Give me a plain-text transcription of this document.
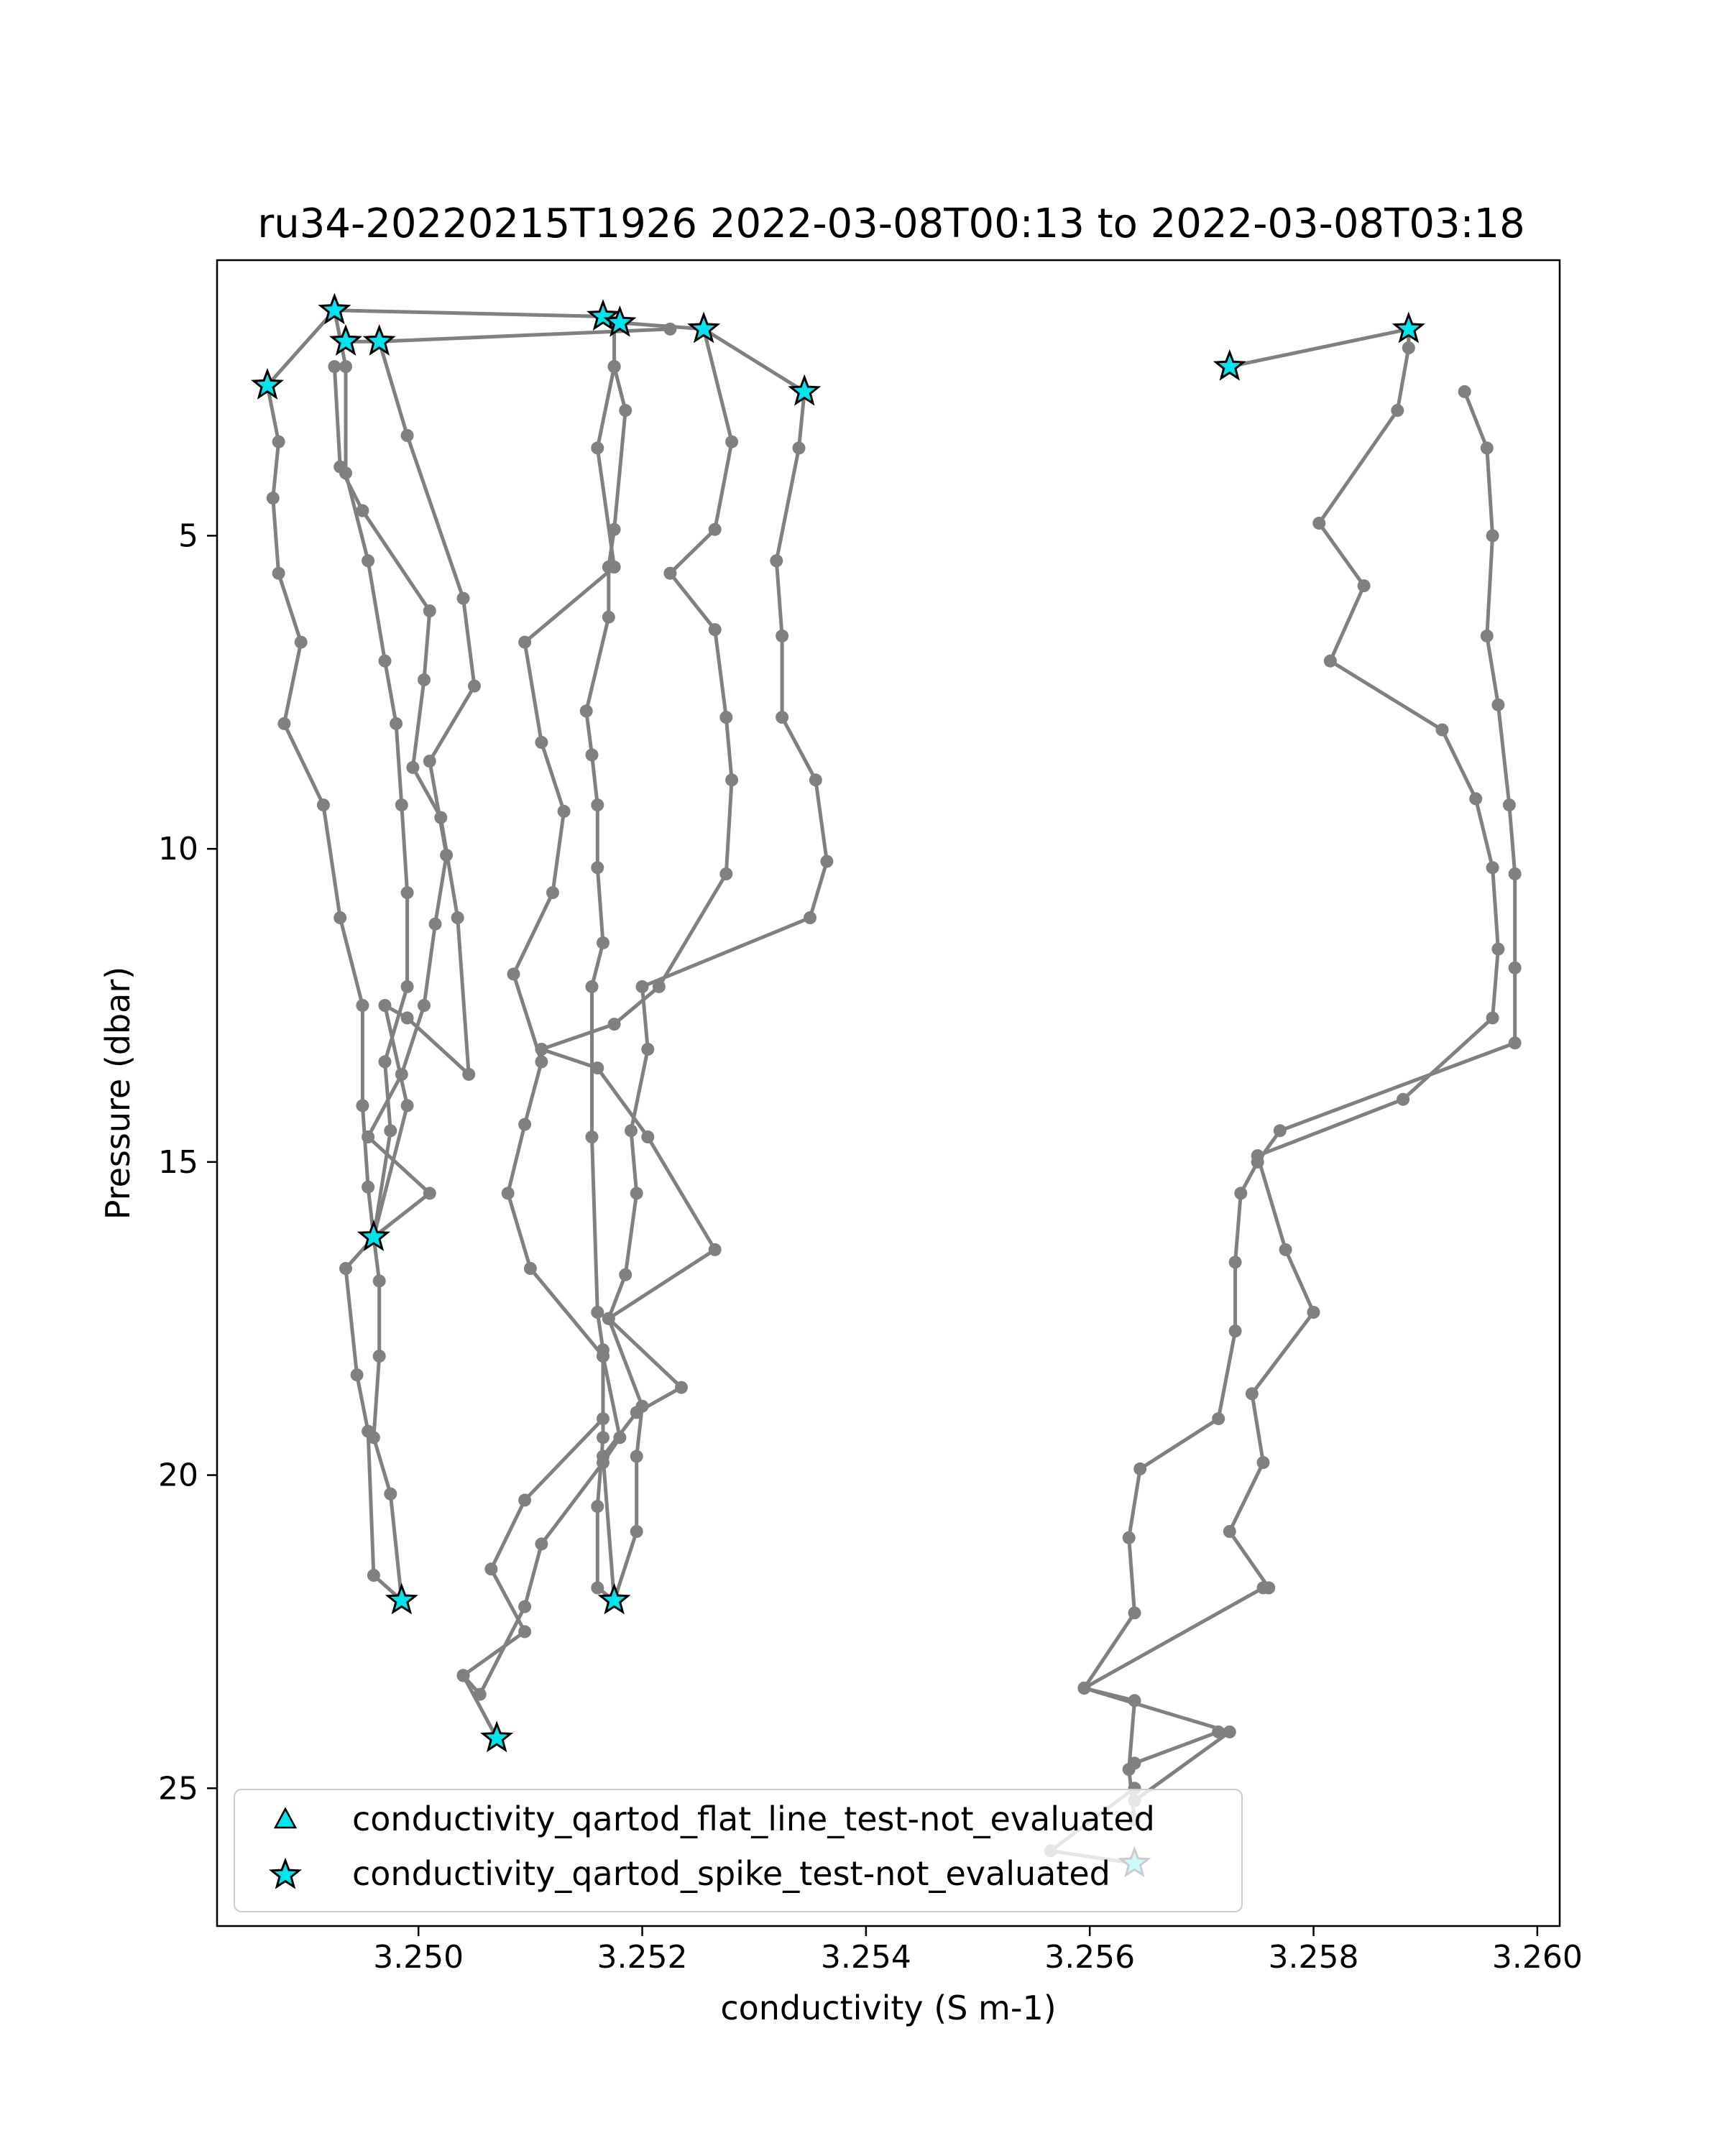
ru34-20220215T1926 2022-03-08T00:13 to 2022-03-08T03:18
3.250	3.252	3.254	3.256	3.258	3.260
5
10
15
20
25
conductivity (S m-1)
Pressure (dbar)
conductivity_qartod_flat_line_test-not_evaluated
conductivity_qartod_spike_test-not_evaluated
